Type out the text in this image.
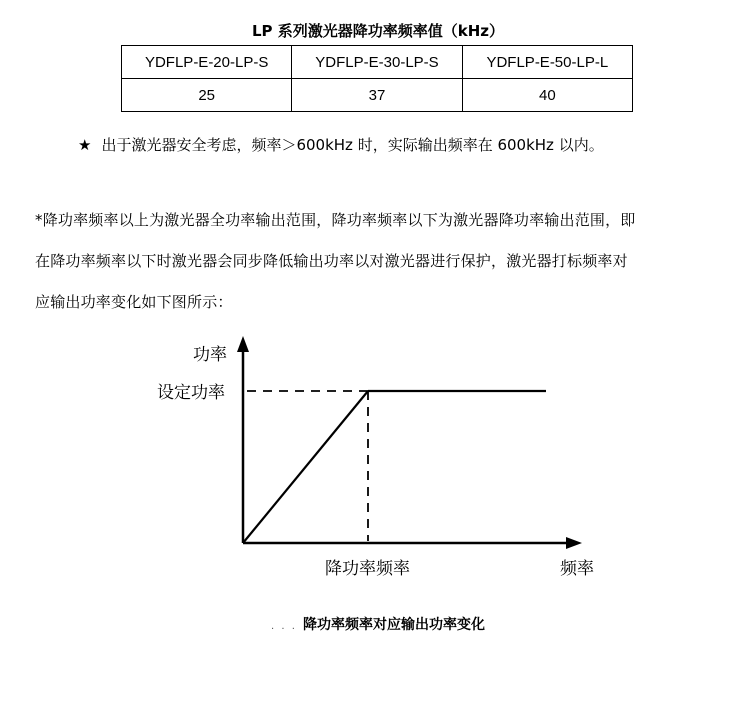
LP 系列激光器降功率频率值（kHz）
YDFLP-E-20-LP-S	YDFLP-E-30-LP-S	YDFLP-E-50-LP-L
25	37	40
★ 出于激光器安全考虑，频率＞600kHz 时，实际输出频率在 600kHz 以内。
*降功率频率以上为激光器全功率输出范围，降功率频率以下为激光器降功率输出范围，即
在降功率频率以下时激光器会同步降低输出功率以对激光器进行保护，激光器打标频率对
应输出功率变化如下图所示：
功率
设定功率
降功率频率	频率
. . . 降功率频率对应输出功率变化
